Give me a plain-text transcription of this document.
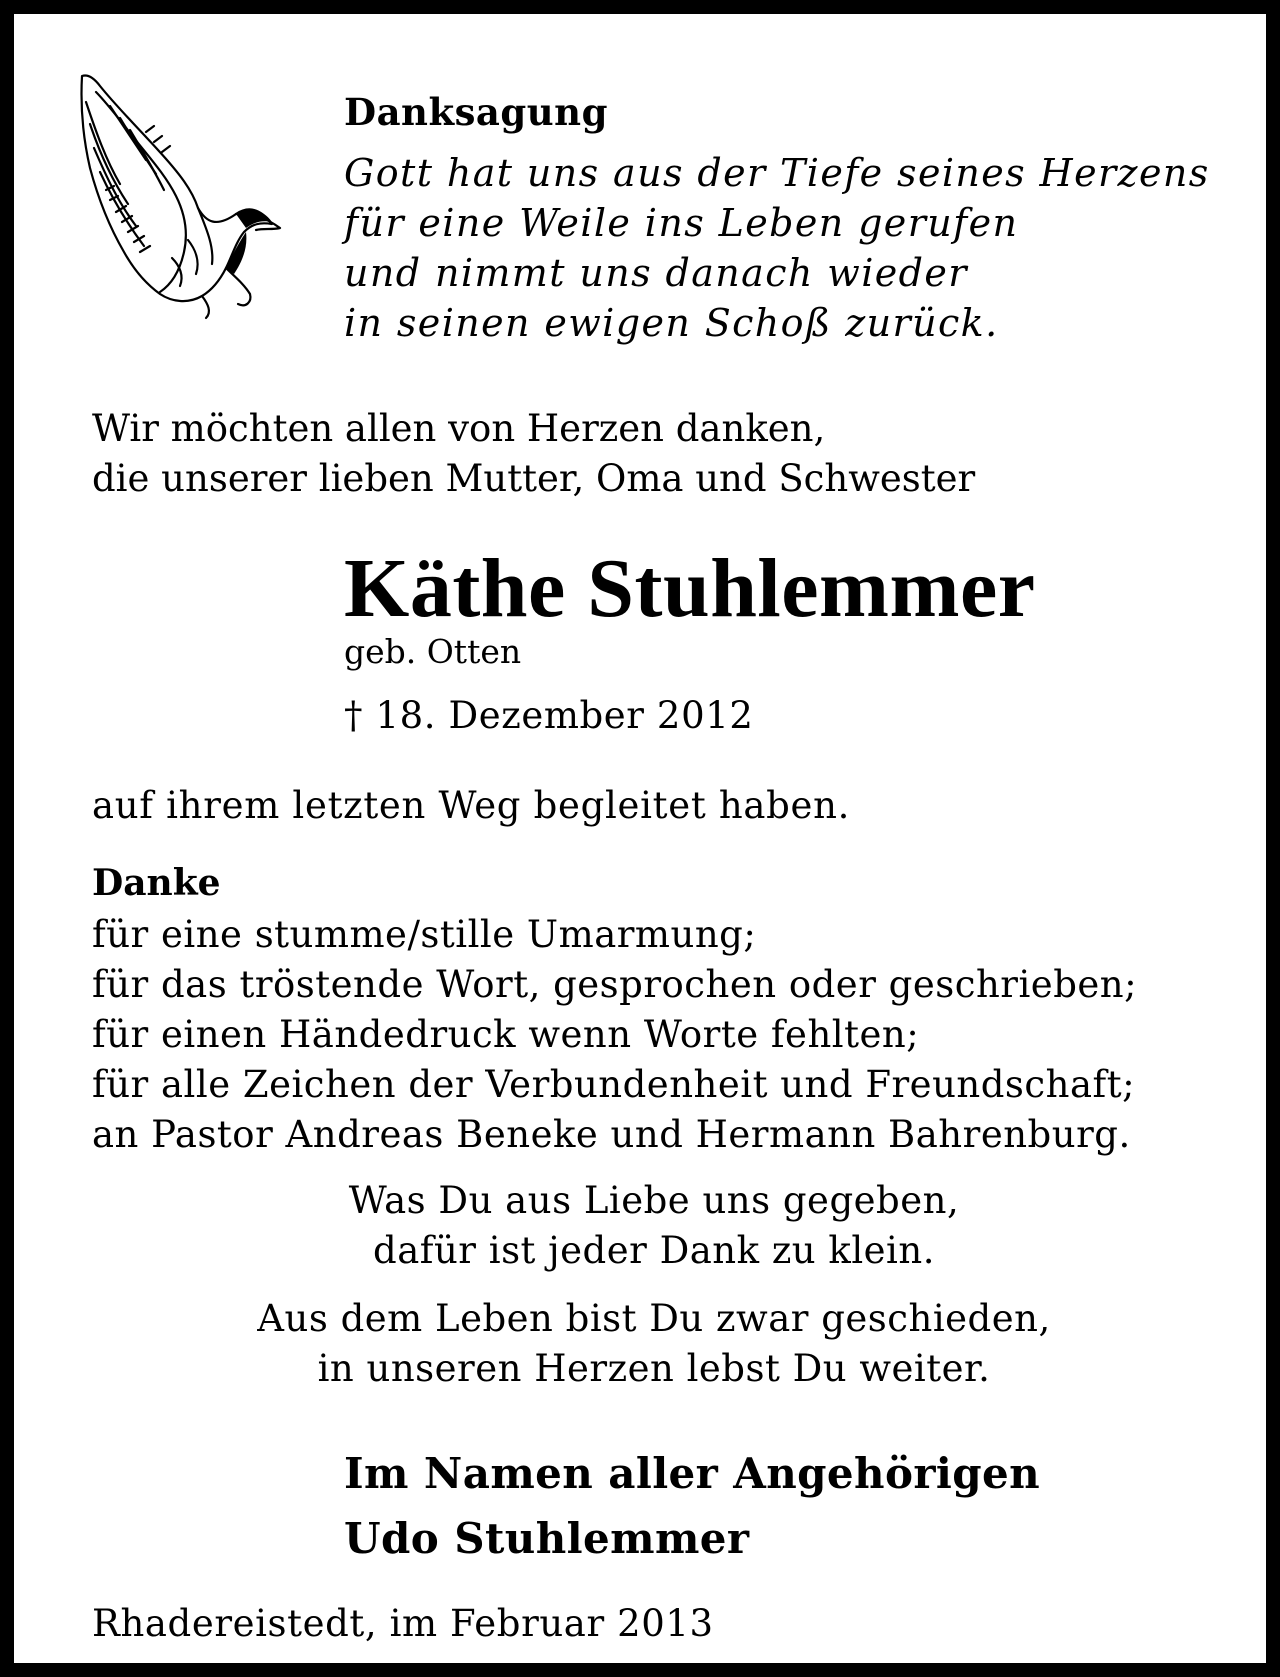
Danksagung
Gott hat uns aus der Tiefe seines Herzens
für eine Weile ins Leben gerufen
und nimmt uns danach wieder
in seinen ewigen Schoß zurück.
Wir möchten allen von Herzen danken,
die unserer lieben Mutter, Oma und Schwester
Käthe Stuhlemmer
geb. Otten
† 18. Dezember 2012
auf ihrem letzten Weg begleitet haben.
Danke
für eine stumme/stille Umarmung;
für das tröstende Wort, gesprochen oder geschrieben;
für einen Händedruck wenn Worte fehlten;
für alle Zeichen der Verbundenheit und Freundschaft;
an Pastor Andreas Beneke und Hermann Bahrenburg.
Was Du aus Liebe uns gegeben,
dafür ist jeder Dank zu klein.
Aus dem Leben bist Du zwar geschieden,
in unseren Herzen lebst Du weiter.
Im Namen aller Angehörigen
Udo Stuhlemmer
Rhadereistedt, im Februar 2013
